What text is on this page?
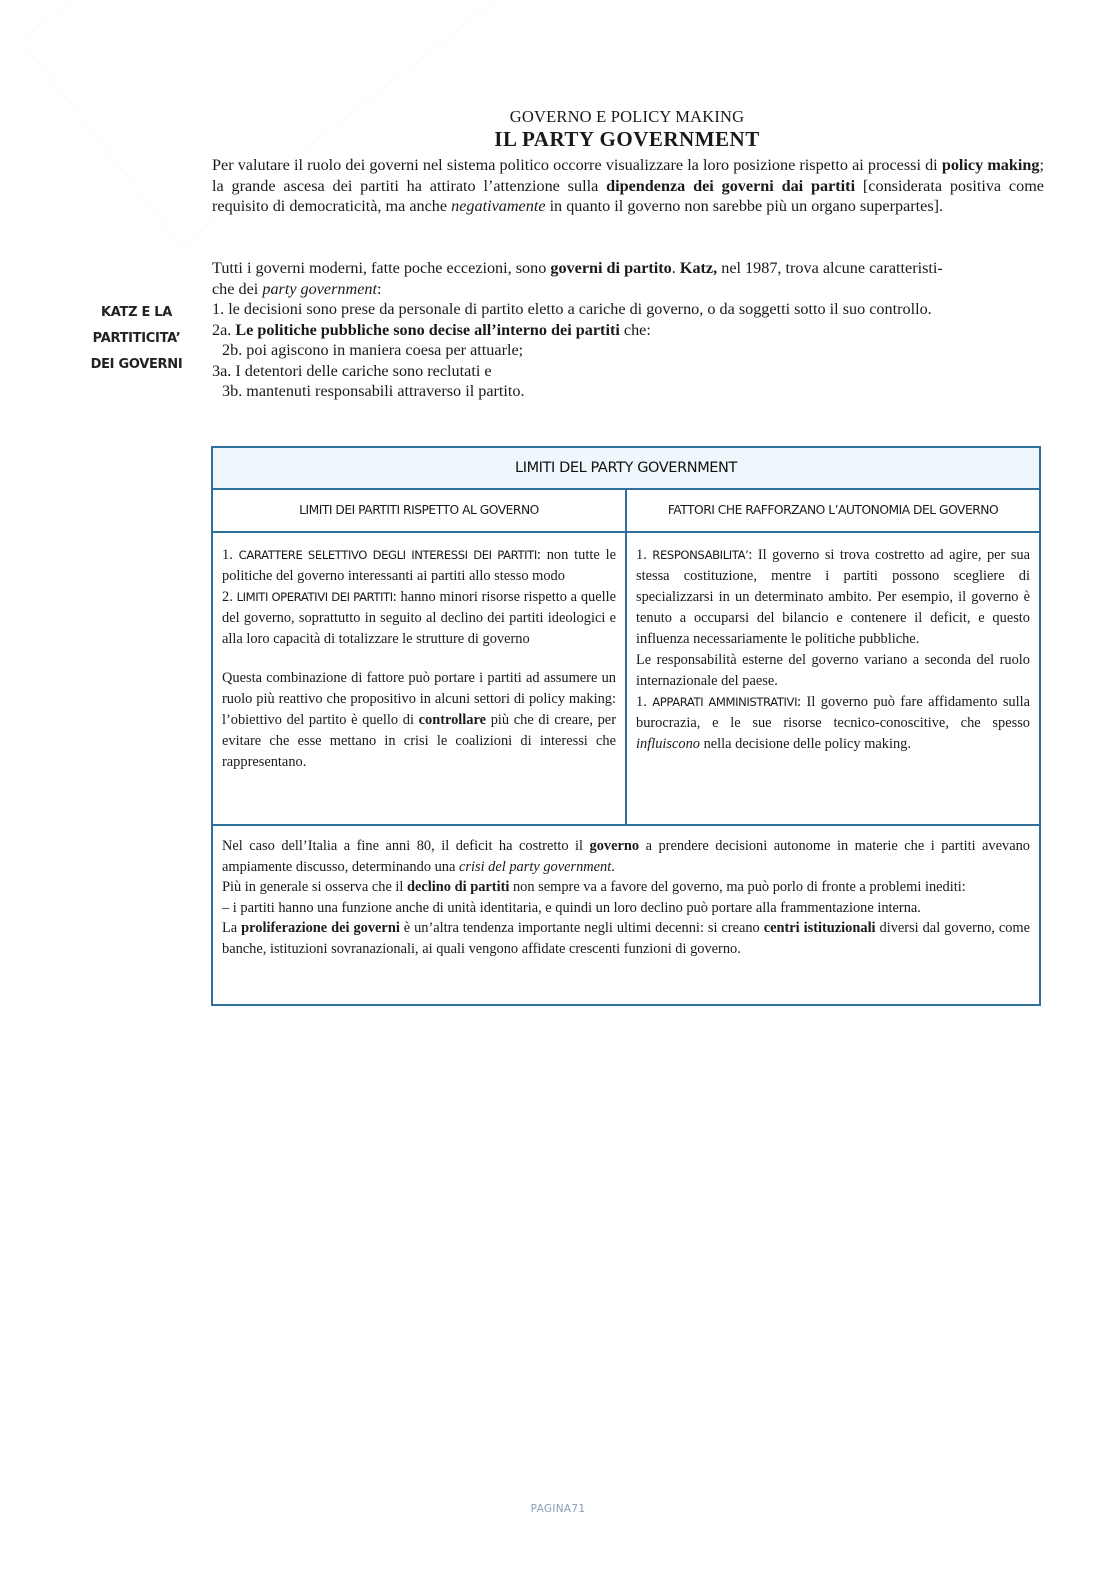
GOVERNO E POLICY MAKING
IL PARTY GOVERNMENT
Per valutare il ruolo dei governi nel sistema politico occorre visualizzare la loro posizione rispetto ai processi di policy making; la grande ascesa dei partiti ha attirato l’attenzione sulla dipendenza dei governi dai partiti [considerata positiva come requisito di democraticità, ma anche negativamente in quanto il governo non sarebbe più un organo superpartes].
KATZ E LA
PARTITICITA’
DEI GOVERNI
Tutti i governi moderni, fatte poche eccezioni, sono governi di partito. Katz, nel 1987, trova alcune caratteristi-
che dei party government:
1. le decisioni sono prese da personale di partito eletto a cariche di governo, o da soggetti sotto il suo controllo.
2a. Le politiche pubbliche sono decise all’interno dei partiti che:
2b. poi agiscono in maniera coesa per attuarle;
3a. I detentori delle cariche sono reclutati e
3b. mantenuti responsabili attraverso il partito.
LIMITI DEL PARTY GOVERNMENT
LIMITI DEI PARTITI RISPETTO AL GOVERNO	FATTORI CHE RAFFORZANO L’AUTONOMIA DEL GOVERNO
1. CARATTERE SELETTIVO DEGLI INTERESSI DEI PARTITI: non tutte le politiche del governo interessanti ai partiti allo stesso modo
2. LIMITI OPERATIVI DEI PARTITI: hanno minori risorse rispetto a quelle del governo, soprattutto in seguito al declino dei partiti ideologici e alla loro capacità di totalizzare le strutture di governo
Questa combinazione di fattore può portare i partiti ad assumere un ruolo più reattivo che propositivo in alcuni settori di policy making: l’obiettivo del partito è quello di controllare più che di creare, per evitare che esse mettano in crisi le coalizioni di interessi che rappresentano.
1. RESPONSABILITA’: Il governo si trova costretto ad agire, per sua stessa costituzione, mentre i partiti possono scegliere di specializzarsi in un determinato ambito. Per esempio, il governo è tenuto a occuparsi del bilancio e contenere il deficit, e questo influenza necessariamente le politiche pubbliche.
Le responsabilità esterne del governo variano a seconda del ruolo internazionale del paese.
1. APPARATI AMMINISTRATIVI: Il governo può fare affidamento sulla burocrazia, e le sue risorse tecnico-conoscitive, che spesso influiscono nella decisione delle policy making.
Nel caso dell’Italia a fine anni 80, il deficit ha costretto il governo a prendere decisioni autonome in materie che i partiti avevano ampiamente discusso, determinando una crisi del party government.
Più in generale si osserva che il declino di partiti non sempre va a favore del governo, ma può porlo di fronte a problemi inediti:
– i partiti hanno una funzione anche di unità identitaria, e quindi un loro declino può portare alla frammentazione interna.
La proliferazione dei governi è un’altra tendenza importante negli ultimi decenni: si creano centri istituzionali diversi dal governo, come banche, istituzioni sovranazionali, ai quali vengono affidate crescenti funzioni di governo.
PAGINA71
